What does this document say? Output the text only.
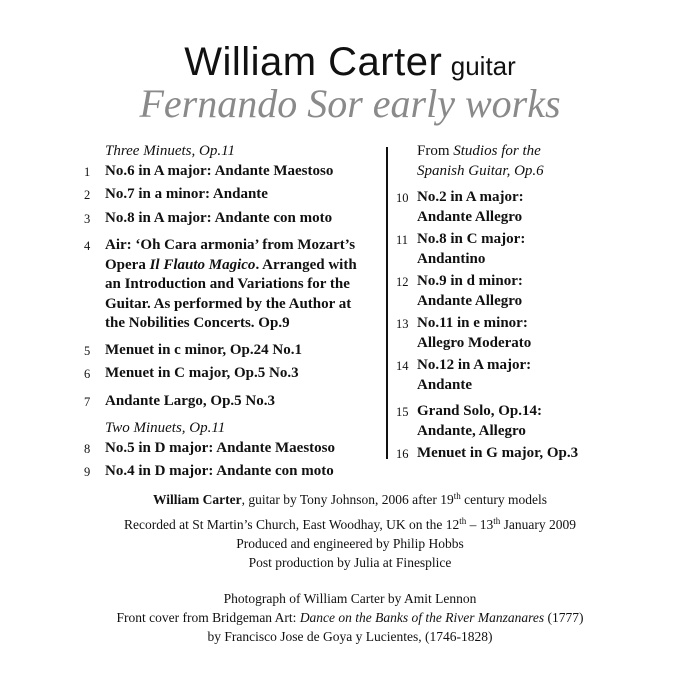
William Carter guitar
Fernando Sor early works
Three Minuets, Op.11
1 No.6 in A major: Andante Maestoso
2 No.7 in a minor: Andante
3 No.8 in A major: Andante con moto
4 Air: ‘Oh Cara armonia’ from Mozart’s
Opera Il Flauto Magico. Arranged with
an Introduction and Variations for the
Guitar. As performed by the Author at
the Nobilities Concerts. Op.9
5 Menuet in c minor, Op.24 No.1
6 Menuet in C major, Op.5 No.3
7 Andante Largo, Op.5 No.3
Two Minuets, Op.11
8 No.5 in D major: Andante Maestoso
9 No.4 in D major: Andante con moto
From Studios for the
Spanish Guitar, Op.6
10 No.2 in A major:
Andante Allegro
11 No.8 in C major:
Andantino
12 No.9 in d minor:
Andante Allegro
13 No.11 in e minor:
Allegro Moderato
14 No.12 in A major:
Andante
15 Grand Solo, Op.14:
Andante, Allegro
16 Menuet in G major, Op.3

William Carter, guitar by Tony Johnson, 2006 after 19th century models

Recorded at St Martin’s Church, East Woodhay, UK on the 12th – 13th January 2009

Produced and engineered by Philip Hobbs

Post production by Julia at Finesplice

Photograph of William Carter by Amit Lennon

Front cover from Bridgeman Art: Dance on the Banks of the River Manzanares (1777)

by Francisco Jose de Goya y Lucientes, (1746-1828)
